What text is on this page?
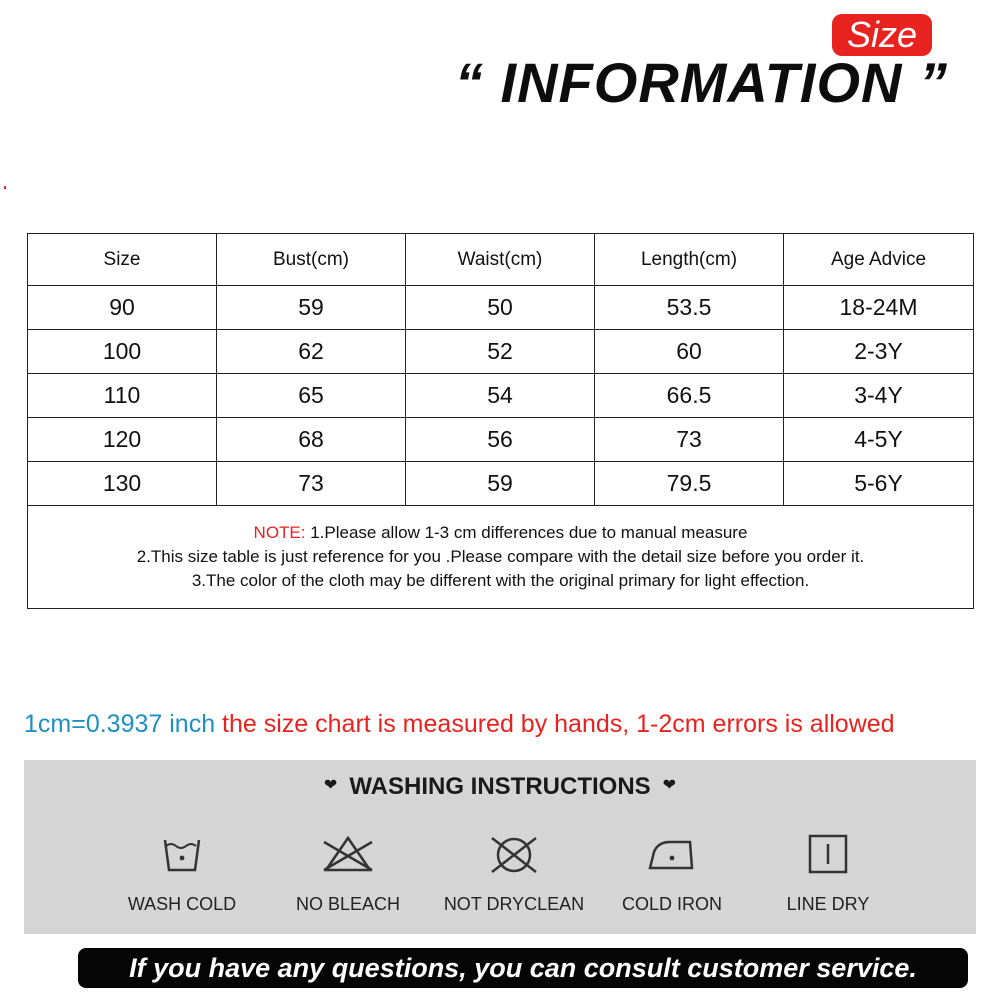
Size
“ INFORMATION ”
Size	Bust(cm)	Waist(cm)	Length(cm)	Age Advice
90	59	50	53.5	18-24M
100	62	52	60	2-3Y
110	65	54	66.5	3-4Y
120	68	56	73	4-5Y
130	73	59	79.5	5-6Y

NOTE: 1.Please allow 1-3 cm differences due to manual measure
2.This size table is just reference for you .Please compare with the detail size before you order it.
3.The color of the cloth may be different with the original primary for light effection.				
1cm=0.3937 inch the size chart is measured by hands, 1-2cm errors is allowed
❤ WASHING INSTRUCTIONS ❤
WASH COLD	NO BLEACH	NOT DRYCLEAN	COLD IRON	LINE DRY
If you have any questions, you can consult customer service.
